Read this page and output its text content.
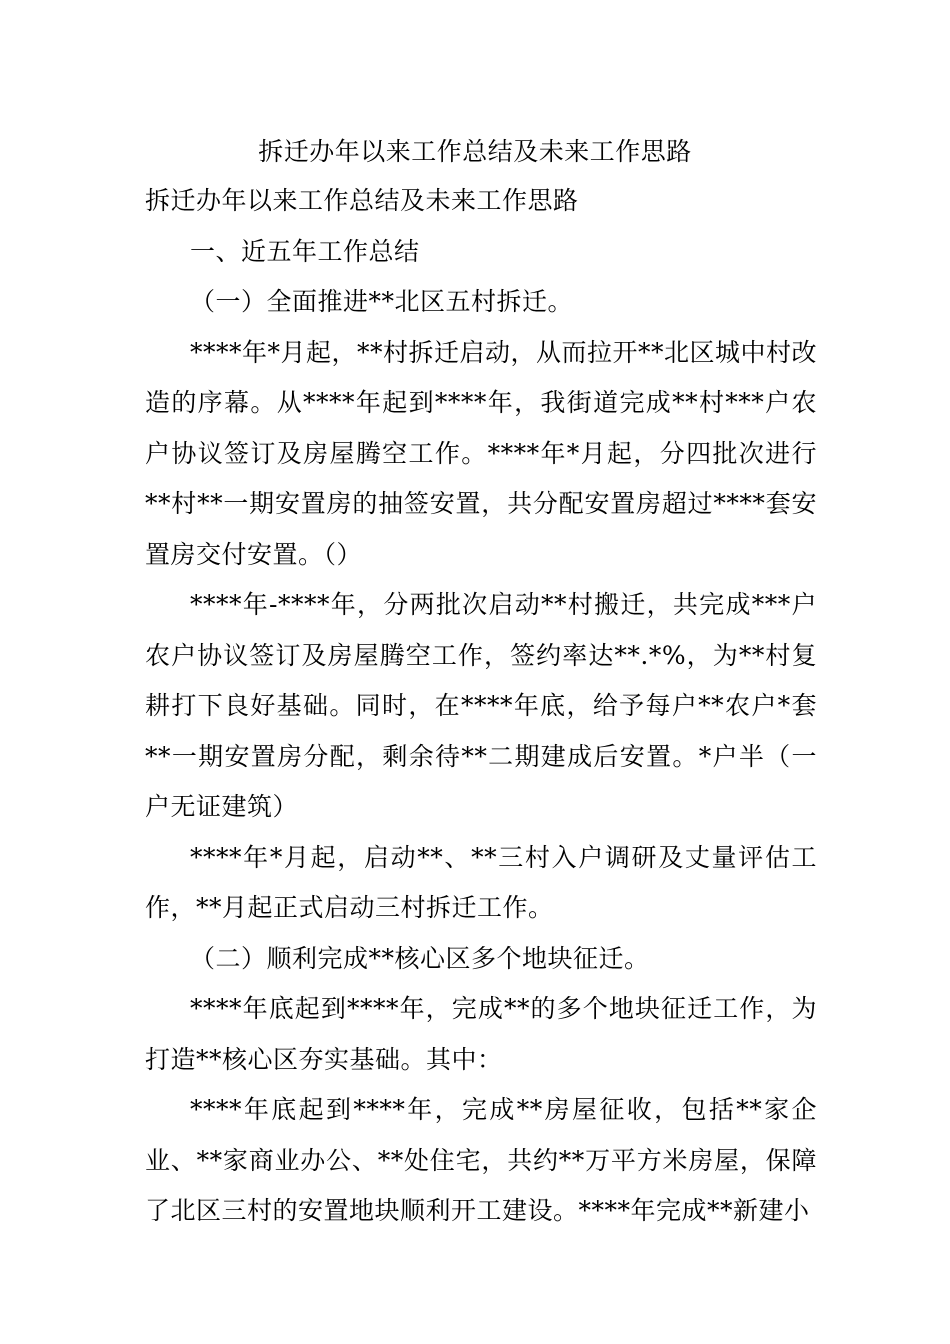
拆迁办年以来工作总结及未来工作思路

拆迁办年以来工作总结及未来工作思路

一、近五年工作总结

（一）全面推进**北区五村拆迁。

****年*月起，**村拆迁启动，从而拉开**北区城中村改造的序幕。从****年起到****年，我街道完成**村***户农户协议签订及房屋腾空工作。****年*月起，分四批次进行**村**一期安置房的抽签安置，共分配安置房超过****套安置房交付安置。（）

****年-****年，分两批次启动**村搬迁，共完成***户农户协议签订及房屋腾空工作，签约率达**.*%，为**村复耕打下良好基础。同时，在****年底，给予每户**农户*套**一期安置房分配，剩余待**二期建成后安置。*户半（一户无证建筑）

****年*月起，启动**、**三村入户调研及丈量评估工作，**月起正式启动三村拆迁工作。

（二）顺利完成**核心区多个地块征迁。

****年底起到****年，完成**的多个地块征迁工作，为打造**核心区夯实基础。其中：

****年底起到****年，完成**房屋征收，包括**家企业、**家商业办公、**处住宅，共约**万平方米房屋，保障了北区三村的安置地块顺利开工建设。****年完成**新建小
